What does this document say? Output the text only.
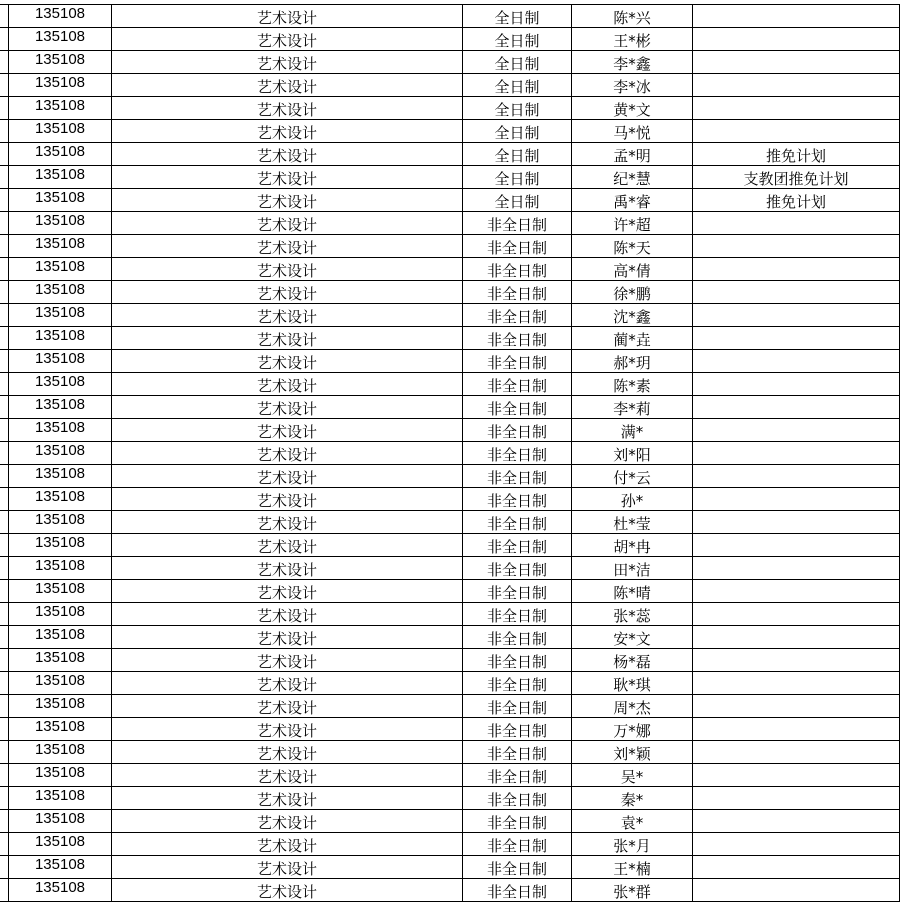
	135108	艺术设计	全日制	陈*兴	
	135108	艺术设计	全日制	王*彬	
	135108	艺术设计	全日制	李*鑫	
	135108	艺术设计	全日制	李*冰	
	135108	艺术设计	全日制	黄*文	
	135108	艺术设计	全日制	马*悦	
	135108	艺术设计	全日制	孟*明	推免计划
	135108	艺术设计	全日制	纪*慧	支教团推免计划
	135108	艺术设计	全日制	禹*睿	推免计划
	135108	艺术设计	非全日制	许*超	
	135108	艺术设计	非全日制	陈*天	
	135108	艺术设计	非全日制	高*倩	
	135108	艺术设计	非全日制	徐*鹏	
	135108	艺术设计	非全日制	沈*鑫	
	135108	艺术设计	非全日制	蔺*垚	
	135108	艺术设计	非全日制	郝*玥	
	135108	艺术设计	非全日制	陈*素	
	135108	艺术设计	非全日制	李*莉	
	135108	艺术设计	非全日制	满*	
	135108	艺术设计	非全日制	刘*阳	
	135108	艺术设计	非全日制	付*云	
	135108	艺术设计	非全日制	孙*	
	135108	艺术设计	非全日制	杜*莹	
	135108	艺术设计	非全日制	胡*冉	
	135108	艺术设计	非全日制	田*洁	
	135108	艺术设计	非全日制	陈*晴	
	135108	艺术设计	非全日制	张*蕊	
	135108	艺术设计	非全日制	安*文	
	135108	艺术设计	非全日制	杨*磊	
	135108	艺术设计	非全日制	耿*琪	
	135108	艺术设计	非全日制	周*杰	
	135108	艺术设计	非全日制	万*娜	
	135108	艺术设计	非全日制	刘*颖	
	135108	艺术设计	非全日制	吴*	
	135108	艺术设计	非全日制	秦*	
	135108	艺术设计	非全日制	袁*	
	135108	艺术设计	非全日制	张*月	
	135108	艺术设计	非全日制	王*楠	
	135108	艺术设计	非全日制	张*群	
